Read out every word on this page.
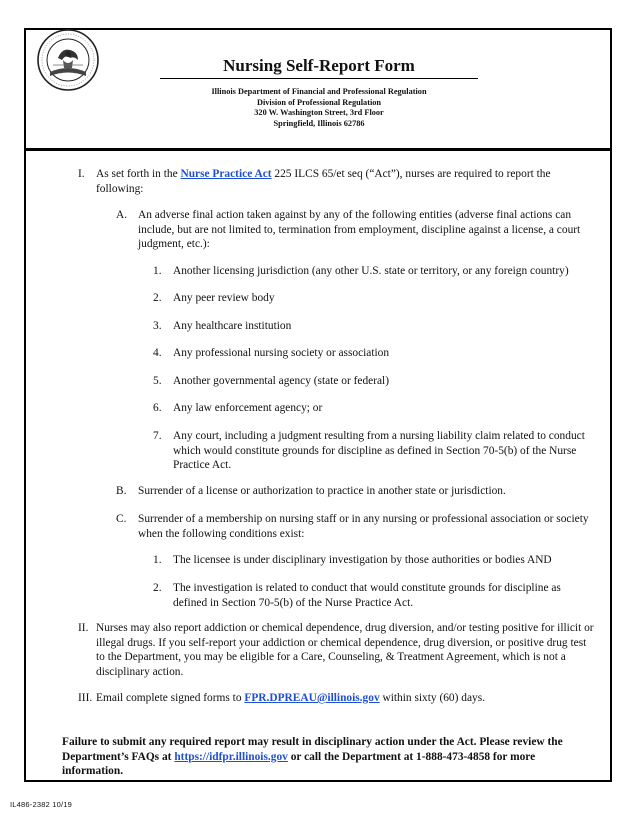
Nursing Self-Report Form
Illinois Department of Financial and Professional Regulation
Division of Professional Regulation
320 W. Washington Street, 3rd Floor
Springfield, Illinois 62786
I. As set forth in the Nurse Practice Act 225 ILCS 65/et seq (“Act”), nurses are required to report the following:
A. An adverse final action taken against by any of the following entities (adverse final actions can include, but are not limited to, termination from employment, discipline against a license, a court judgment, etc.):
1. Another licensing jurisdiction (any other U.S. state or territory, or any foreign country)
2. Any peer review body
3. Any healthcare institution
4. Any professional nursing society or association
5. Another governmental agency (state or federal)
6. Any law enforcement agency; or
7. Any court, including a judgment resulting from a nursing liability claim related to conduct which would constitute grounds for discipline as defined in Section 70-5(b) of the Nurse Practice Act.
B. Surrender of a license or authorization to practice in another state or jurisdiction.
C. Surrender of a membership on nursing staff or in any nursing or professional association or society when the following conditions exist:
1. The licensee is under disciplinary investigation by those authorities or bodies AND
2. The investigation is related to conduct that would constitute grounds for discipline as defined in Section 70-5(b) of the Nurse Practice Act.
II. Nurses may also report addiction or chemical dependence, drug diversion, and/or testing positive for illicit or illegal drugs. If you self-report your addiction or chemical dependence, drug diversion, or positive drug test to the Department, you may be eligible for a Care, Counseling, & Treatment Agreement, which is not a disciplinary action.
III. Email complete signed forms to FPR.DPREAU@illinois.gov within sixty (60) days.
Failure to submit any required report may result in disciplinary action under the Act. Please review the Department’s FAQs at https://idfpr.illinois.gov or call the Department at 1-888-473-4858 for more information.
IL486-2382 10/19
